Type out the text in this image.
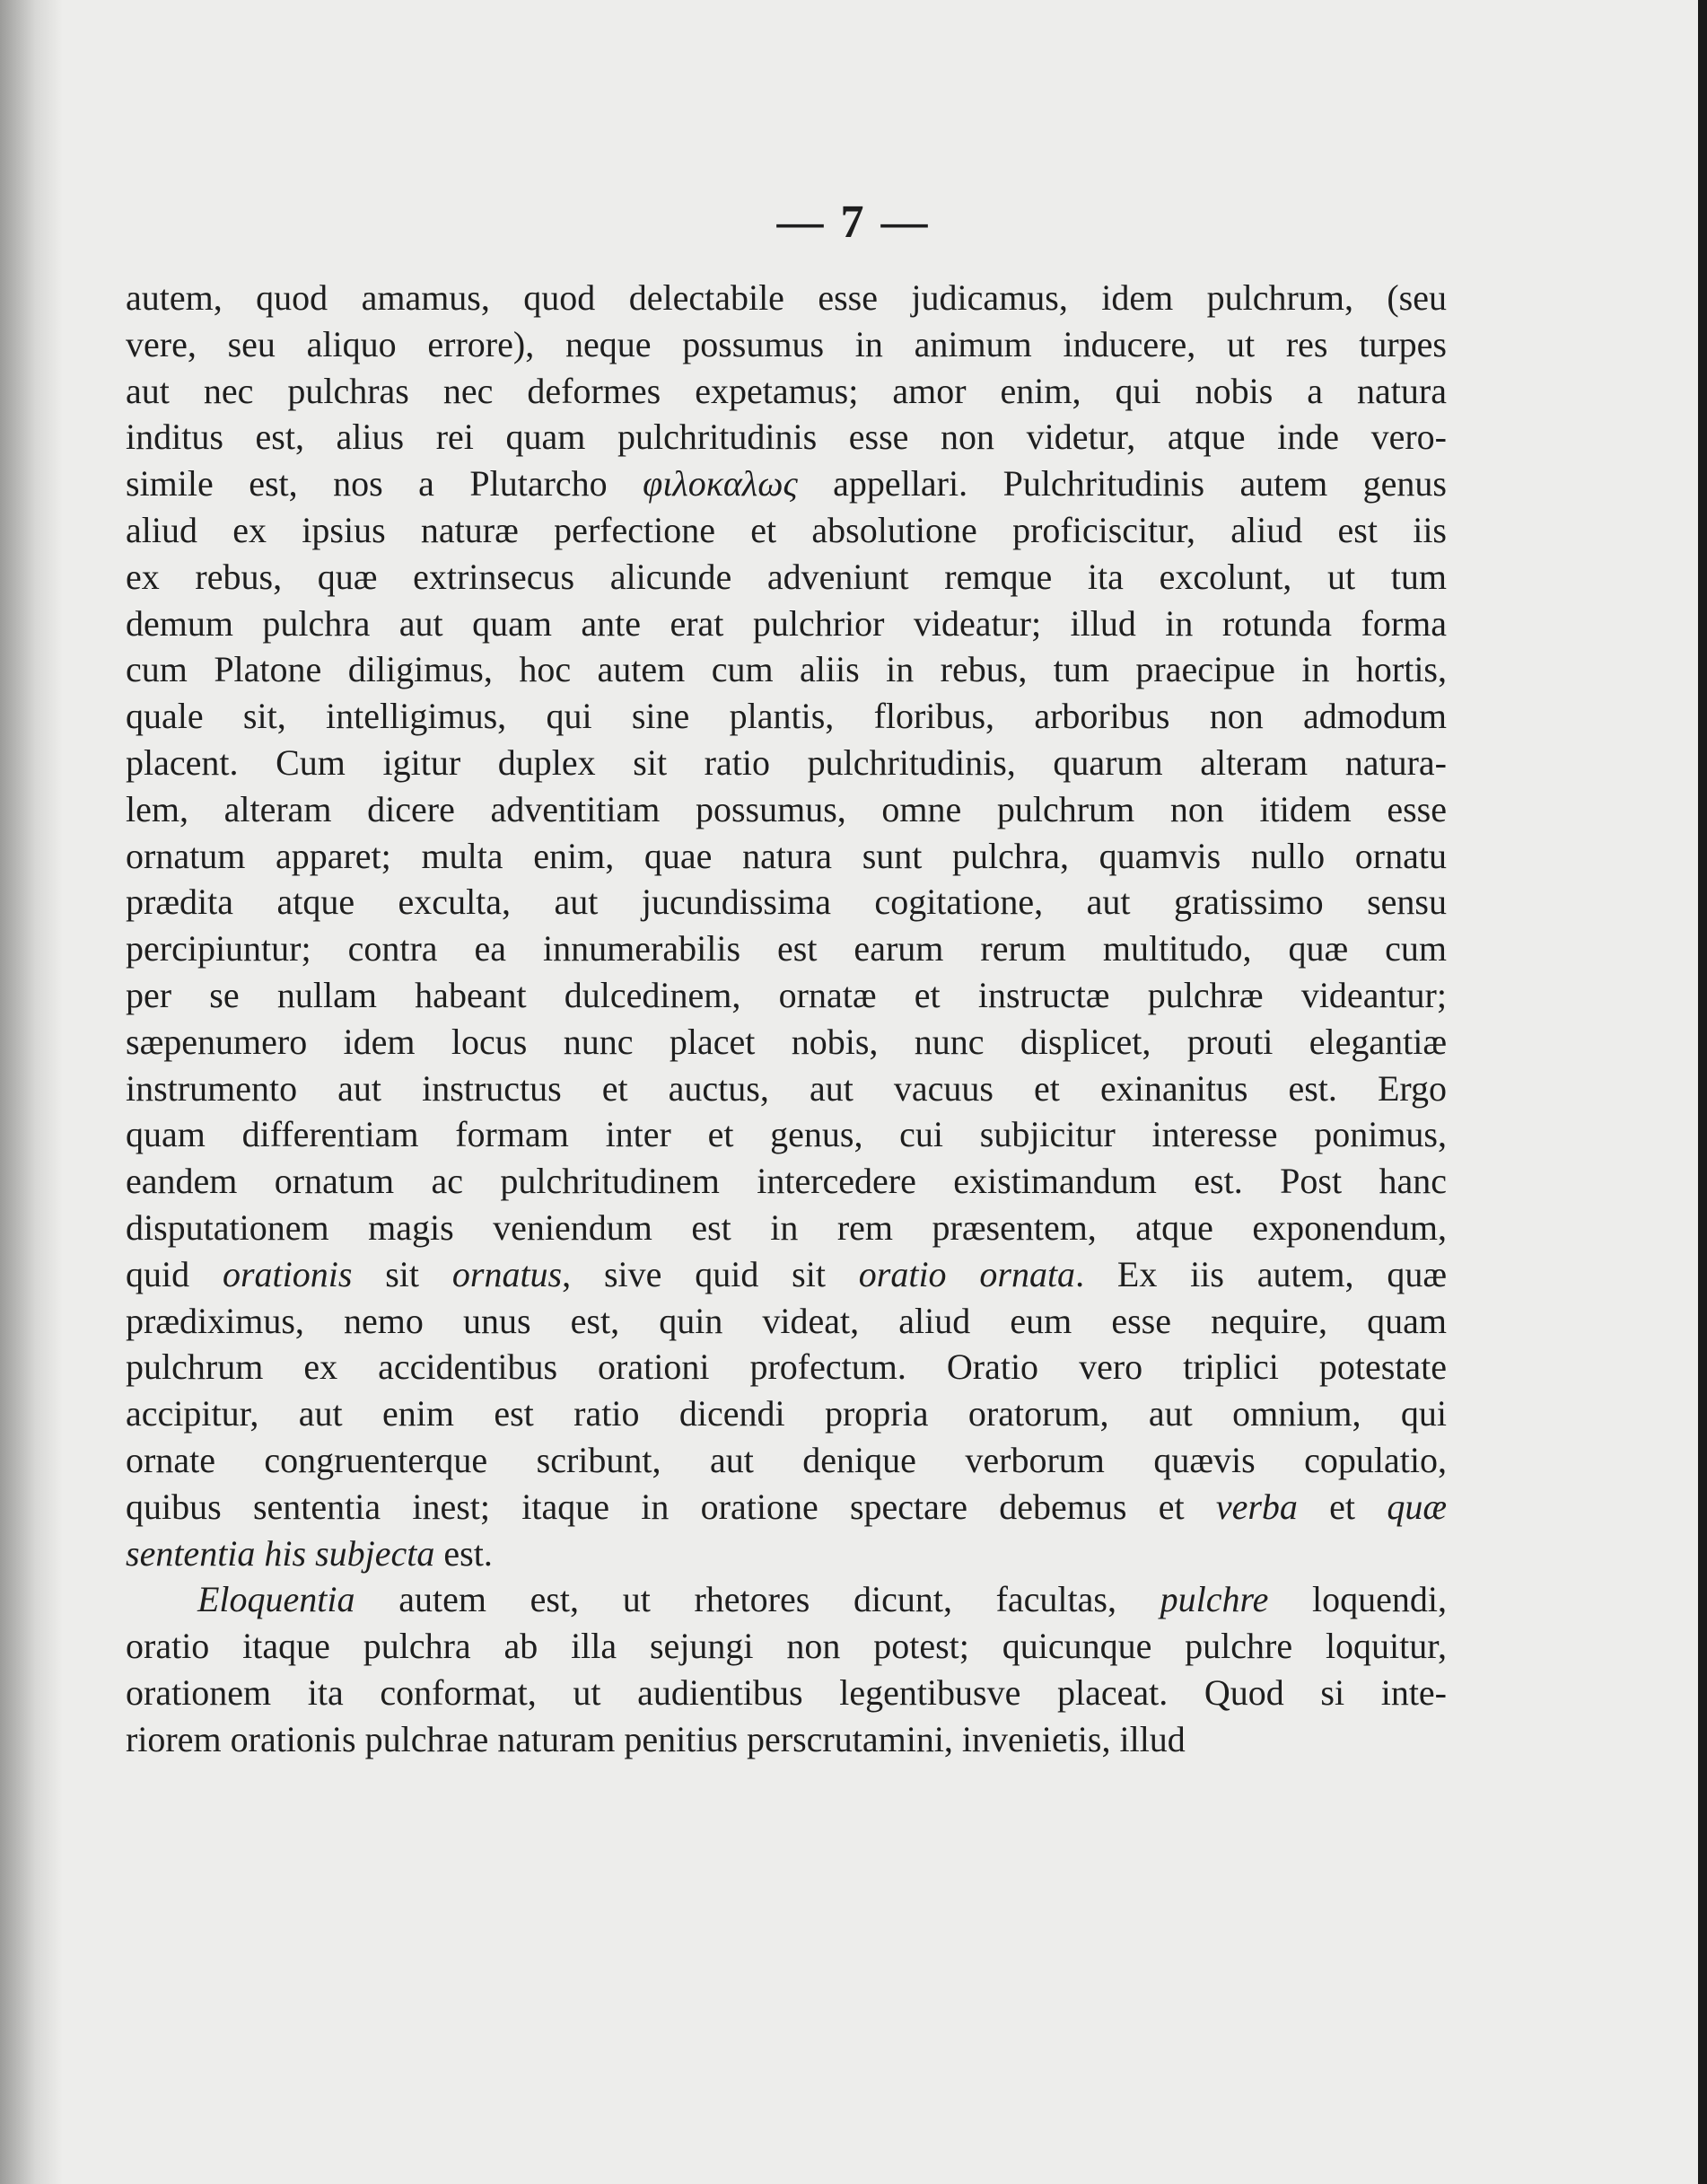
— 7 —
autem, quod amamus, quod delectabile esse judicamus, idem pulchrum, (seu
vere, seu aliquo errore), neque possumus in animum inducere, ut res turpes
aut nec pulchras nec deformes expetamus; amor enim, qui nobis a natura
inditus est, alius rei quam pulchritudinis esse non videtur, atque inde vero-
simile est, nos a Plutarcho φιλοκαλως appellari. Pulchritudinis autem genus
aliud ex ipsius naturæ perfectione et absolutione proficiscitur, aliud est iis
ex rebus, quæ extrinsecus alicunde adveniunt remque ita excolunt, ut tum
demum pulchra aut quam ante erat pulchrior videatur; illud in rotunda forma
cum Platone diligimus, hoc autem cum aliis in rebus, tum praecipue in hortis,
quale sit, intelligimus, qui sine plantis, floribus, arboribus non admodum
placent. Cum igitur duplex sit ratio pulchritudinis, quarum alteram natura-
lem, alteram dicere adventitiam possumus, omne pulchrum non itidem esse
ornatum apparet; multa enim, quae natura sunt pulchra, quamvis nullo ornatu
prædita atque exculta, aut jucundissima cogitatione, aut gratissimo sensu
percipiuntur; contra ea innumerabilis est earum rerum multitudo, quæ cum
per se nullam habeant dulcedinem, ornatæ et instructæ pulchræ videantur;
sæpenumero idem locus nunc placet nobis, nunc displicet, prouti elegantiæ
instrumento aut instructus et auctus, aut vacuus et exinanitus est. Ergo
quam differentiam formam inter et genus, cui subjicitur interesse ponimus,
eandem ornatum ac pulchritudinem intercedere existimandum est. Post hanc
disputationem magis veniendum est in rem præsentem, atque exponendum,
quid orationis sit ornatus, sive quid sit oratio ornata. Ex iis autem, quæ
prædiximus, nemo unus est, quin videat, aliud eum esse nequire, quam
pulchrum ex accidentibus orationi profectum. Oratio vero triplici potestate
accipitur, aut enim est ratio dicendi propria oratorum, aut omnium, qui
ornate congruenterque scribunt, aut denique verborum quævis copulatio,
quibus sententia inest; itaque in oratione spectare debemus et verba et quæ
sententia his subjecta est.
Eloquentia autem est, ut rhetores dicunt, facultas, pulchre loquendi,
oratio itaque pulchra ab illa sejungi non potest; quicunque pulchre loquitur,
orationem ita conformat, ut audientibus legentibusve placeat. Quod si inte-
riorem orationis pulchrae naturam penitius perscrutamini, invenietis, illud
